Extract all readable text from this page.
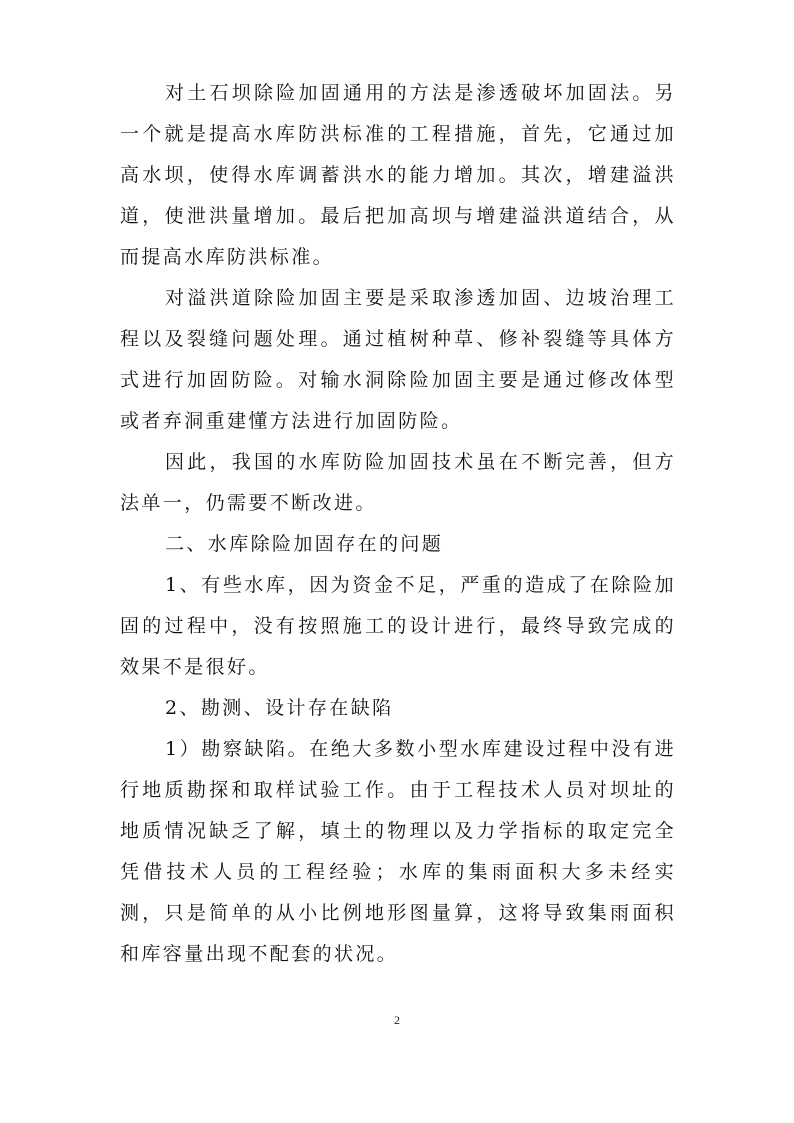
对土石坝除险加固通用的方法是渗透破坏加固法。另一个就是提高水库防洪标准的工程措施，首先，它通过加高水坝，使得水库调蓄洪水的能力增加。其次，增建溢洪道，使泄洪量增加。最后把加高坝与增建溢洪道结合，从而提高水库防洪标准。

对溢洪道除险加固主要是采取渗透加固、边坡治理工程以及裂缝问题处理。通过植树种草、修补裂缝等具体方式进行加固防险。对输水洞除险加固主要是通过修改体型或者弃洞重建懂方法进行加固防险。

因此，我国的水库防险加固技术虽在不断完善，但方法单一，仍需要不断改进。

二、水库除险加固存在的问题

1、有些水库，因为资金不足，严重的造成了在除险加固的过程中，没有按照施工的设计进行，最终导致完成的效果不是很好。

2、勘测、设计存在缺陷

1）勘察缺陷。在绝大多数小型水库建设过程中没有进行地质勘探和取样试验工作。由于工程技术人员对坝址的地质情况缺乏了解，填土的物理以及力学指标的取定完全凭借技术人员的工程经验；水库的集雨面积大多未经实测，只是简单的从小比例地形图量算，这将导致集雨面积和库容量出现不配套的状况。

2
